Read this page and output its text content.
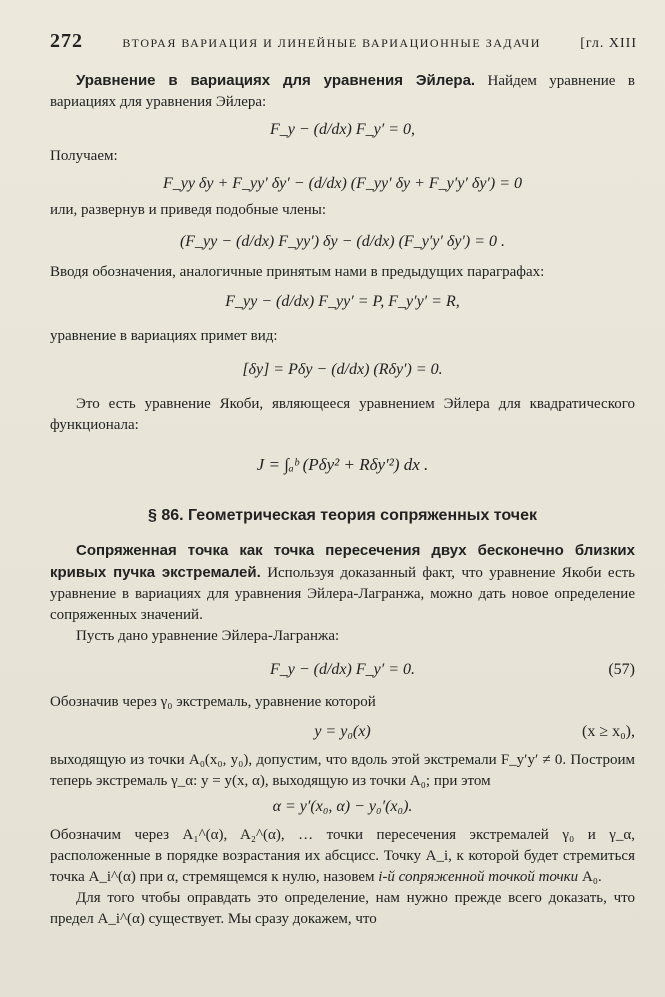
272	ВТОРАЯ ВАРИАЦИЯ И ЛИНЕЙНЫЕ ВАРИАЦИОННЫЕ ЗАДАЧИ	[гл. XIII

Уравнение в вариациях для уравнения Эйлера. Найдем уравнение в вариациях для уравнения Эйлера:

F_y − (d/dx) F_y′ = 0,

Получаем:

F_yy δy + F_yy′ δy′ − (d/dx) (F_yy′ δy + F_y′y′ δy′) = 0

или, развернув и приведя подобные члены:

(F_yy − (d/dx) F_yy′) δy − (d/dx) (F_y′y′ δy′) = 0 .

Вводя обозначения, аналогичные принятым нами в предыдущих параграфах:

F_yy − (d/dx) F_yy′ = P, F_y′y′ = R,

уравнение в вариациях примет вид:

[δy] = Pδy − (d/dx) (Rδy′) = 0.

Это есть уравнение Якоби, являющееся уравнением Эйлера для квадратического функционала:

J = ∫ₐᵇ (Pδy² + Rδy′²) dx .
§ 86. Геометрическая теория сопряженных точек

Сопряженная точка как точка пересечения двух бесконечно близких кривых пучка экстремалей. Используя доказанный факт, что уравнение Якоби есть уравнение в вариациях для уравнения Эйлера-Лагранжа, можно дать новое определение сопряженных значений.

Пусть дано уравнение Эйлера-Лагранжа:

F_y − (d/dx) F_y′ = 0.	(57)

Обозначив через γ₀ экстремаль, уравнение которой

y = y₀(x)	(x ≥ x₀),

выходящую из точки A₀(x₀, y₀), допустим, что вдоль этой экстремали F_y′y′ ≠ 0. Построим теперь экстремаль γ_α: y = y(x, α), выходящую из точки A₀; при этом

α = y′(x₀, α) − y₀′(x₀).

Обозначим через A₁^(α), A₂^(α), … точки пересечения экстремалей γ₀ и γ_α, расположенные в порядке возрастания их абсцисс. Точку A_i, к которой будет стремиться точка A_i^(α) при α, стремящемся к нулю, назовем i-й сопряженной точкой точки A₀.

Для того чтобы оправдать это определение, нам нужно прежде всего доказать, что предел A_i^(α) существует. Мы сразу докажем, что
